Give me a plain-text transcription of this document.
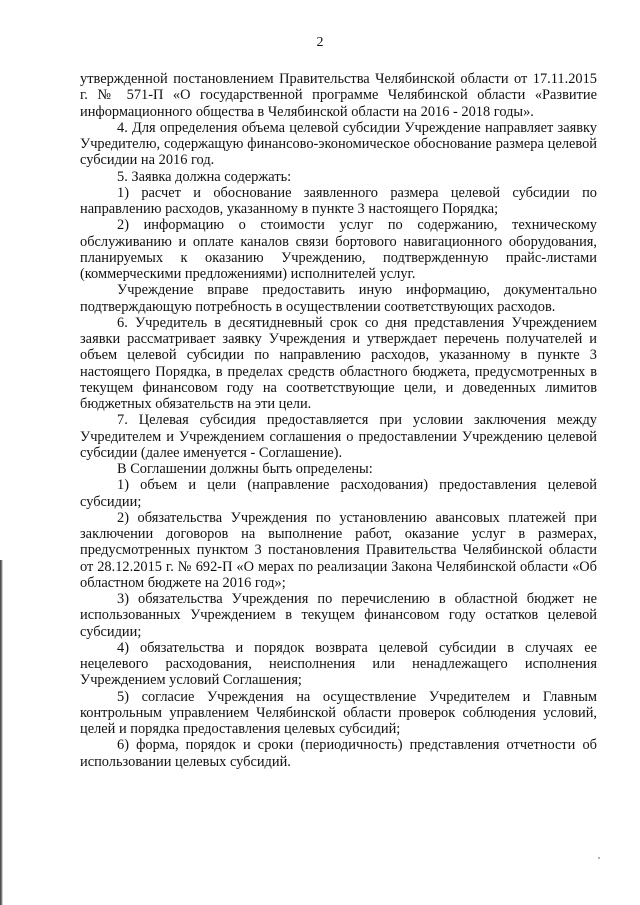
2

утвержденной постановлением Правительства Челябинской области от 17.11.2015 г. № 571-П «О государственной программе Челябинской области «Развитие информационного общества в Челябинской области на 2016 - 2018 годы».

4. Для определения объема целевой субсидии Учреждение направляет заявку Учредителю, содержащую финансово-экономическое обоснование размера целевой субсидии на 2016 год.

5. Заявка должна содержать:

1) расчет и обоснование заявленного размера целевой субсидии по направлению расходов, указанному в пункте 3 настоящего Порядка;

2) информацию о стоимости услуг по содержанию, техническому обслуживанию и оплате каналов связи бортового навигационного оборудования, планируемых к оказанию Учреждению, подтвержденную прайс-листами (коммерческими предложениями) исполнителей услуг.

Учреждение вправе предоставить иную информацию, документально подтверждающую потребность в осуществлении соответствующих расходов.

6. Учредитель в десятидневный срок со дня представления Учреждением заявки рассматривает заявку Учреждения и утверждает перечень получателей и объем целевой субсидии по направлению расходов, указанному в пункте 3 настоящего Порядка, в пределах средств областного бюджета, предусмотренных в текущем финансовом году на соответствующие цели, и доведенных лимитов бюджетных обязательств на эти цели.

7. Целевая субсидия предоставляется при условии заключения между Учредителем и Учреждением соглашения о предоставлении Учреждению целевой субсидии (далее именуется - Соглашение).

В Соглашении должны быть определены:

1) объем и цели (направление расходования) предоставления целевой субсидии;

2) обязательства Учреждения по установлению авансовых платежей при заключении договоров на выполнение работ, оказание услуг в размерах, предусмотренных пунктом 3 постановления Правительства Челябинской области от 28.12.2015 г. № 692-П «О мерах по реализации Закона Челябинской области «Об областном бюджете на 2016 год»;

3) обязательства Учреждения по перечислению в областной бюджет не использованных Учреждением в текущем финансовом году остатков целевой субсидии;

4) обязательства и порядок возврата целевой субсидии в случаях ее нецелевого расходования, неисполнения или ненадлежащего исполнения Учреждением условий Соглашения;

5) согласие Учреждения на осуществление Учредителем и Главным контрольным управлением Челябинской области проверок соблюдения условий, целей и порядка предоставления целевых субсидий;

6) форма, порядок и сроки (периодичность) представления отчетности об использовании целевых субсидий.
